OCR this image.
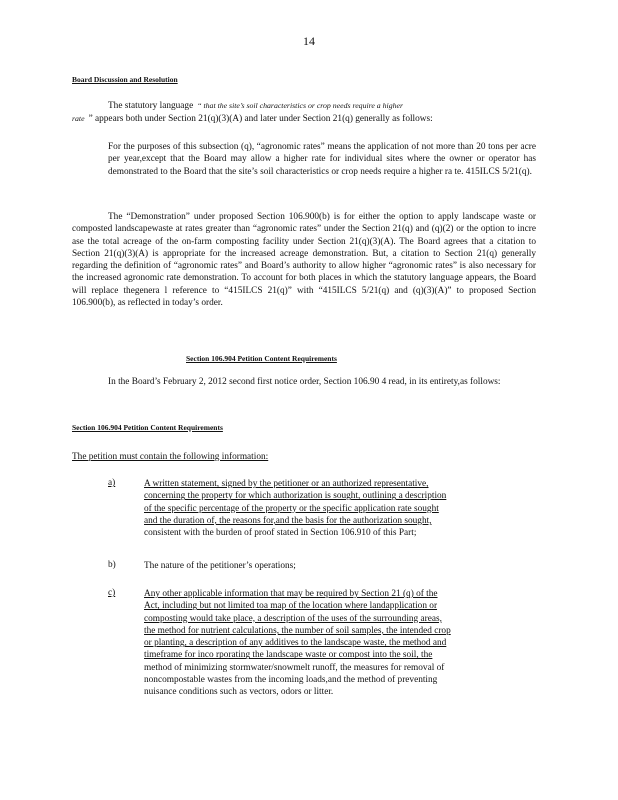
14
Board Discussion and Resolution
The statutory language “ that the site’s soil characteristics or crop needs require a higher
rate ” appears both under Section 21(q)(3)(A) and later under Section 21(q) generally as follows:
For the purposes of this subsection (q), “agronomic rates” means the application of not more than 20 tons per acre per year,except that the Board may allow a higher rate for individual sites where the owner or operator has demonstrated to the Board that the site’s soil characteristics or crop needs require a higher ra te. 415ILCS 5/21(q).
The “Demonstration” under proposed Section 106.900(b) is for either the option to apply landscape waste or composted landscapewaste at rates greater than “agronomic rates” under the Section 21(q) and (q)(2) or the option to incre ase the total acreage of the on-farm composting facility under Section 21(q)(3)(A). The Board agrees that a citation to Section 21(q)(3)(A) is appropriate for the increased acreage demonstration. But, a citation to Section 21(q) generally regarding the definition of “agronomic rates” and Board’s authority to allow higher “agronomic rates” is also necessary for the increased agronomic rate demonstration. To account for both places in which the statutory language appears, the Board will replace thegenera l reference to “415ILCS 21(q)” with “415ILCS 5/21(q) and (q)(3)(A)” to proposed Section 106.900(b), as reflected in today’s order.
Section 106.904 Petition Content Requirements
In the Board’s February 2, 2012 second first notice order, Section 106.90 4 read, in its entirety,as follows:
Section 106.904 Petition Content Requirements
The petition must contain the following information:
a)	A written statement, signed by the petitioner or an authorized representative,
concerning the property for which authorization is sought, outlining a description
of the specific percentage of the property or the specific application rate sought
and the duration of, the reasons for,and the basis for the authorization sought,
consistent with the burden of proof stated in Section 106.910 of this Part;
b)	The nature of the petitioner’s operations;
c)	Any other applicable information that may be required by Section 21 (q) of the
Act, including but not limited toa map of the location where landapplication or
composting would take place, a description of the uses of the surrounding areas,
the method for nutrient calculations, the number of soil samples, the intended crop
or planting, a description of any additives to the landscape waste, the method and
timeframe for inco rporating the landscape waste or compost into the soil, the
method of minimizing stormwater/snowmelt runoff, the measures for removal of
noncompostable wastes from the incoming loads,and the method of preventing
nuisance conditions such as vectors, odors or litter.
